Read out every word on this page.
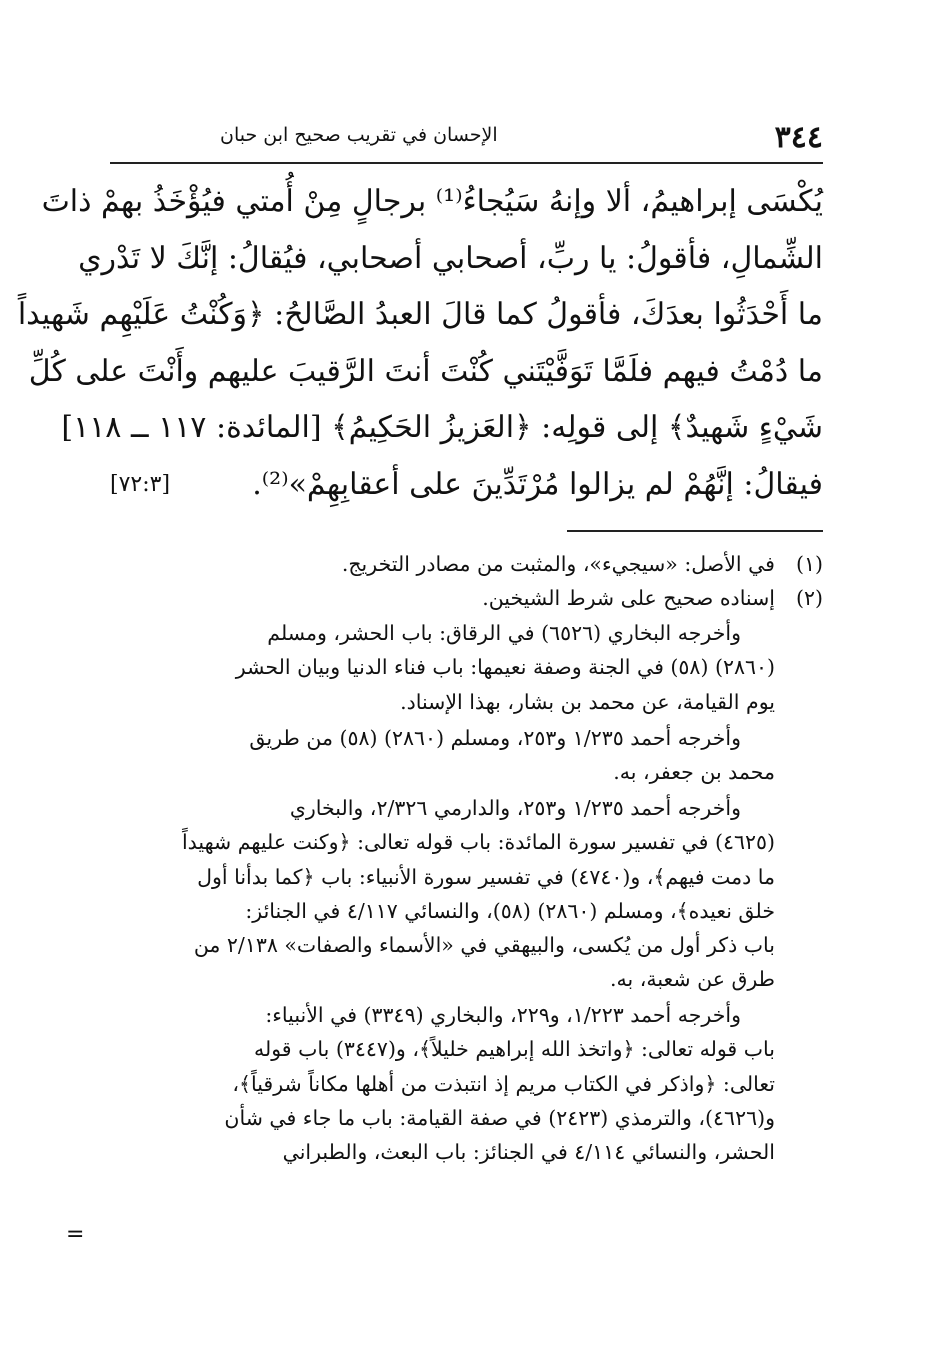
٣٤٤
الإحسان في تقريب صحيح ابن حبان
يُكْسَى إبراهيمُ، ألا وإنهُ سَيُجاءُ⁽¹⁾ برجالٍ مِنْ أُمتي فيُؤْخَذُ بهمْ ذاتَ
الشِّمالِ، فأقولُ: يا ربِّ، أصحابي أصحابي، فيُقالُ: إنَّكَ لا تَدْري
ما أَحْدَثُوا بعدَكَ، فأقولُ كما قالَ العبدُ الصَّالحُ: ﴿وَكُنْتُ عَلَيْهِم شَهيداً
ما دُمْتُ فيهم فلَمَّا تَوَفَّيْتَني كُنْتَ أنتَ الرَّقيبَ عليهم وأَنْتَ على كُلِّ
شَيْءٍ شَهيدٌ﴾ إلى قولِه: ﴿العَزيزُ الحَكِيمُ﴾ [المائدة: ١١٧ ــ ١١٨]
[٧٢:٣]	فيقالُ: إنَّهُمْ لم يزالوا مُرْتَدِّينَ على أعقابِهِمْ»⁽²⁾.
(١)
في الأصل: «سيجيء»، والمثبت من مصادر التخريج.
(٢)
إسناده صحيح على شرط الشيخين.
وأخرجه البخاري (٦٥٢٦) في الرقاق: باب الحشر، ومسلم
(٢٨٦٠) (٥٨) في الجنة وصفة نعيمها: باب فناء الدنيا وبيان الحشر
يوم القيامة، عن محمد بن بشار، بهذا الإسناد.
وأخرجه أحمد ١/٢٣٥ و٢٥٣، ومسلم (٢٨٦٠) (٥٨) من طريق
محمد بن جعفر، به.
وأخرجه أحمد ١/٢٣٥ و٢٥٣، والدارمي ٢/٣٢٦، والبخاري
(٤٦٢٥) في تفسير سورة المائدة: باب قوله تعالى: ﴿وكنت عليهم شهيداً
ما دمت فيهم﴾، و(٤٧٤٠) في تفسير سورة الأنبياء: باب ﴿كما بدأنا أول
خلق نعيده﴾، ومسلم (٢٨٦٠) (٥٨)، والنسائي ٤/١١٧ في الجنائز:
باب ذكر أول من يُكسى، والبيهقي في «الأسماء والصفات» ٢/١٣٨ من
طرق عن شعبة، به.
وأخرجه أحمد ١/٢٢٣، و٢٢٩، والبخاري (٣٣٤٩) في الأنبياء:
باب قوله تعالى: ﴿واتخذ الله إبراهيم خليلاً﴾، و(٣٤٤٧) باب قوله
تعالى: ﴿واذكر في الكتاب مريم إذ انتبذت من أهلها مكاناً شرقياً﴾،
و(٤٦٢٦)، والترمذي (٢٤٢٣) في صفة القيامة: باب ما جاء في شأن
الحشر، والنسائي ٤/١١٤ في الجنائز: باب البعث، والطبراني
=
